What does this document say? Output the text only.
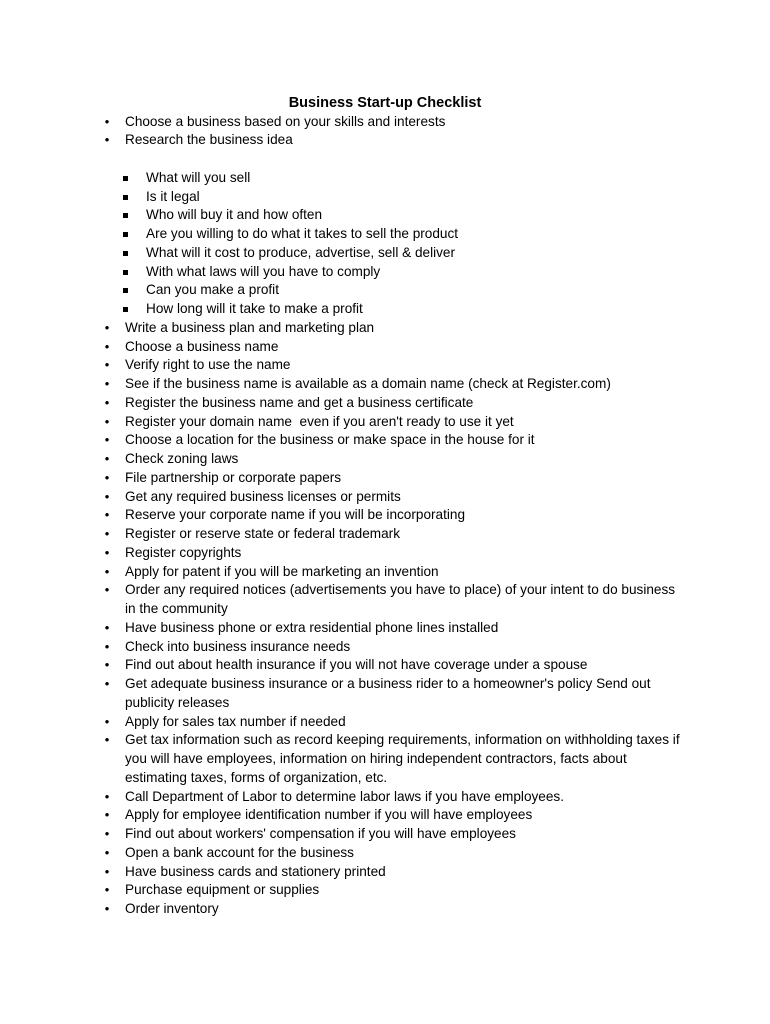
Business Start-up Checklist
• Choose a business based on your skills and interests
• Research the business idea
What will you sell
Is it legal
Who will buy it and how often
Are you willing to do what it takes to sell the product
What will it cost to produce, advertise, sell & deliver
With what laws will you have to comply
Can you make a profit
How long will it take to make a profit
• Write a business plan and marketing plan
• Choose a business name
• Verify right to use the name
• See if the business name is available as a domain name (check at Register.com)
• Register the business name and get a business certificate
• Register your domain name  even if you aren't ready to use it yet
• Choose a location for the business or make space in the house for it
• Check zoning laws
• File partnership or corporate papers
• Get any required business licenses or permits
• Reserve your corporate name if you will be incorporating
• Register or reserve state or federal trademark
• Register copyrights
• Apply for patent if you will be marketing an invention
• Order any required notices (advertisements you have to place) of your intent to do business in the community
• Have business phone or extra residential phone lines installed
• Check into business insurance needs
• Find out about health insurance if you will not have coverage under a spouse
• Get adequate business insurance or a business rider to a homeowner's policy Send out publicity releases
• Apply for sales tax number if needed
• Get tax information such as record keeping requirements, information on withholding taxes if you will have employees, information on hiring independent contractors, facts about estimating taxes, forms of organization, etc.
• Call Department of Labor to determine labor laws if you have employees.
• Apply for employee identification number if you will have employees
• Find out about workers' compensation if you will have employees
• Open a bank account for the business
• Have business cards and stationery printed
• Purchase equipment or supplies
• Order inventory
